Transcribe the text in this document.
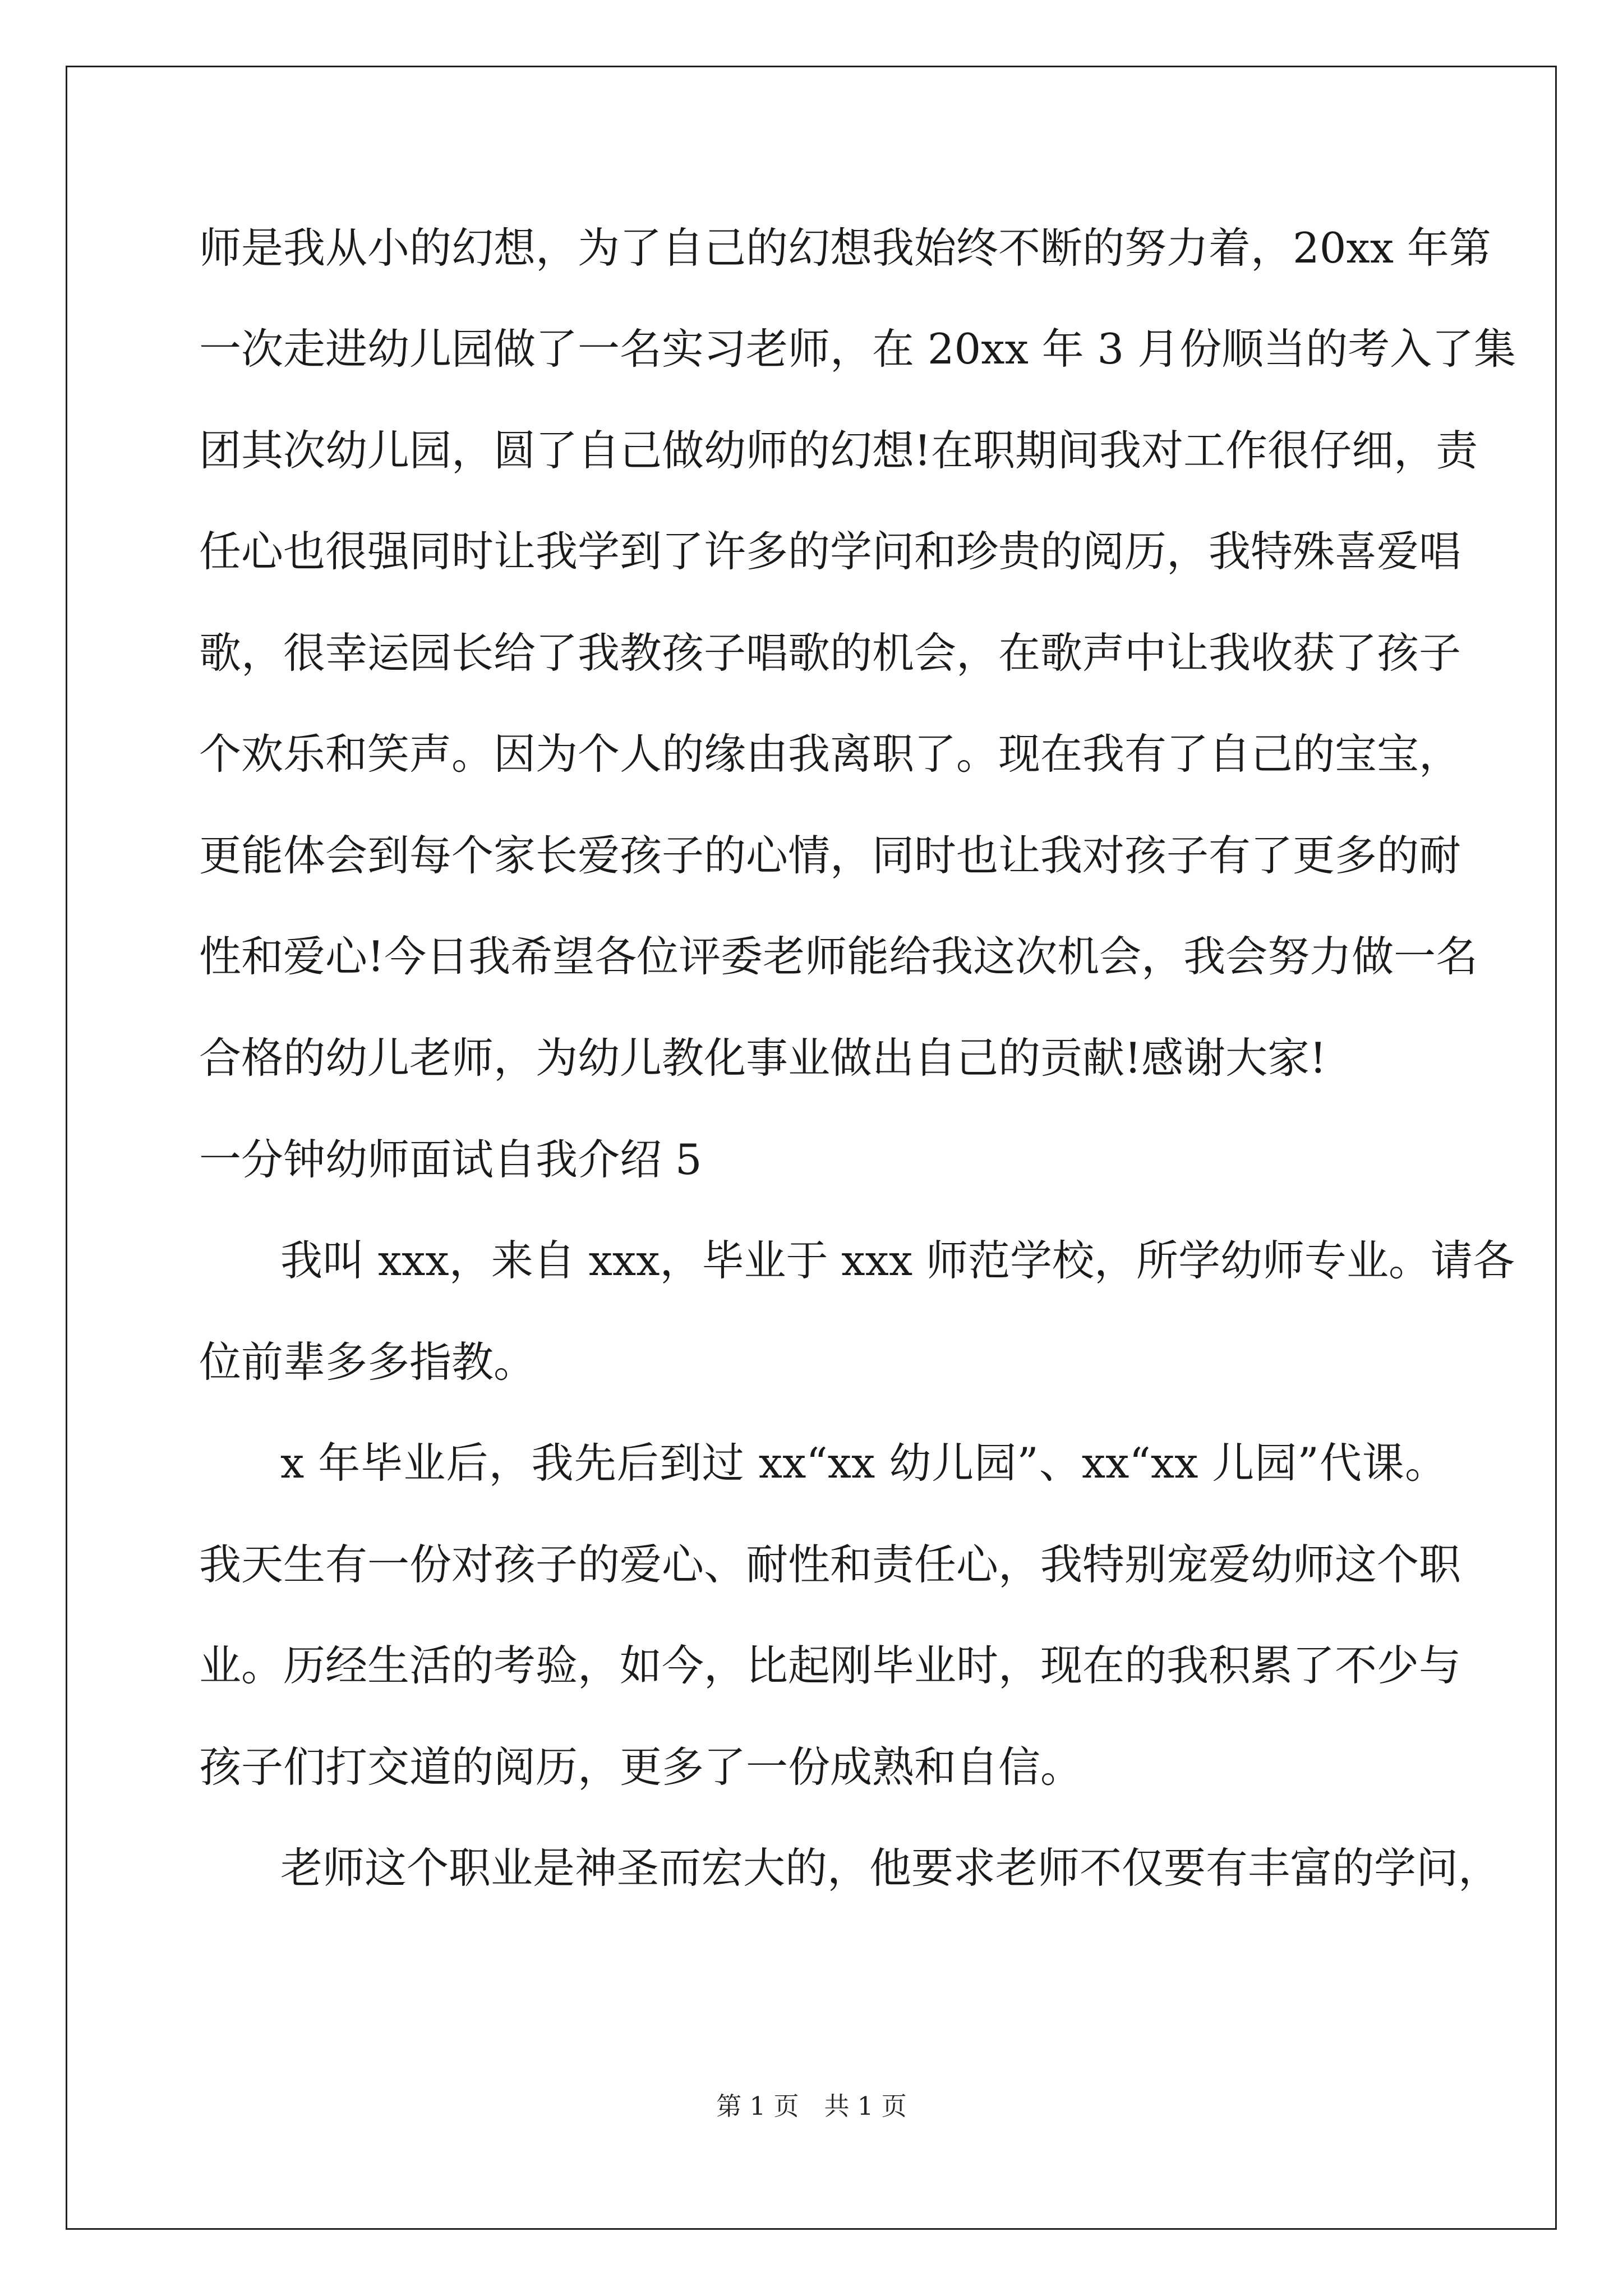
师是我从小的幻想，为了自己的幻想我始终不断的努力着，20xx 年第
一次走进幼儿园做了一名实习老师，在 20xx 年 3 月份顺当的考入了集
团其次幼儿园，圆了自己做幼师的幻想!在职期间我对工作很仔细，责
任心也很强同时让我学到了许多的学问和珍贵的阅历，我特殊喜爱唱
歌，很幸运园长给了我教孩子唱歌的机会，在歌声中让我收获了孩子
个欢乐和笑声。因为个人的缘由我离职了。现在我有了自己的宝宝，
更能体会到每个家长爱孩子的心情，同时也让我对孩子有了更多的耐
性和爱心!今日我希望各位评委老师能给我这次机会，我会努力做一名
合格的幼儿老师，为幼儿教化事业做出自己的贡献!感谢大家!
一分钟幼师面试自我介绍 5
我叫 xxx，来自 xxx，毕业于 xxx 师范学校，所学幼师专业。请各
位前辈多多指教。
x 年毕业后，我先后到过 xx“xx 幼儿园”、xx“xx 儿园”代课。
我天生有一份对孩子的爱心、耐性和责任心，我特别宠爱幼师这个职
业。历经生活的考验，如今，比起刚毕业时，现在的我积累了不少与
孩子们打交道的阅历，更多了一份成熟和自信。
老师这个职业是神圣而宏大的，他要求老师不仅要有丰富的学问，
第 1 页　共 1 页
